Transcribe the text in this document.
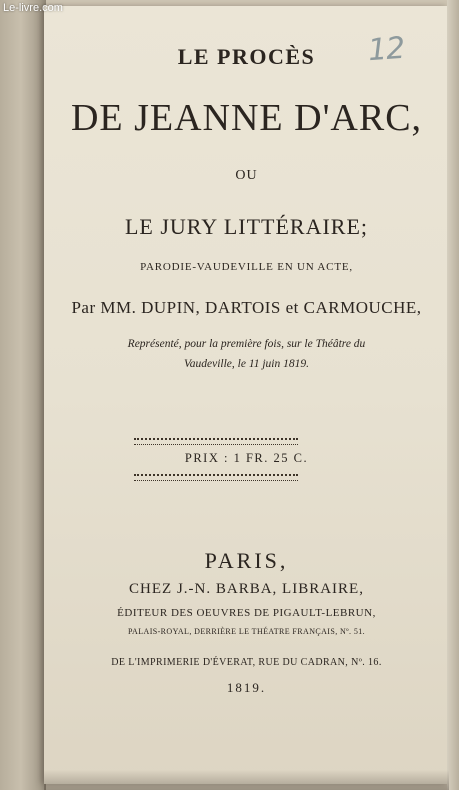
Le-livre.com
12
LE PROCÈS
DE JEANNE D'ARC,
OU
LE JURY LITTÉRAIRE;
PARODIE-VAUDEVILLE EN UN ACTE,
Par MM. DUPIN, DARTOIS et CARMOUCHE,
Représenté, pour la première fois, sur le Théâtre du
Vaudeville, le 11 juin 1819.
PRIX : 1 FR. 25 C.
PARIS,
CHEZ J.-N. BARBA, LIBRAIRE,
ÉDITEUR DES OEUVRES DE PIGAULT-LEBRUN,
PALAIS-ROYAL, DERRIÈRE LE THÉATRE FRANÇAIS, Nº. 51.
DE L'IMPRIMERIE D'ÉVERAT, RUE DU CADRAN, Nº. 16.
1819.
